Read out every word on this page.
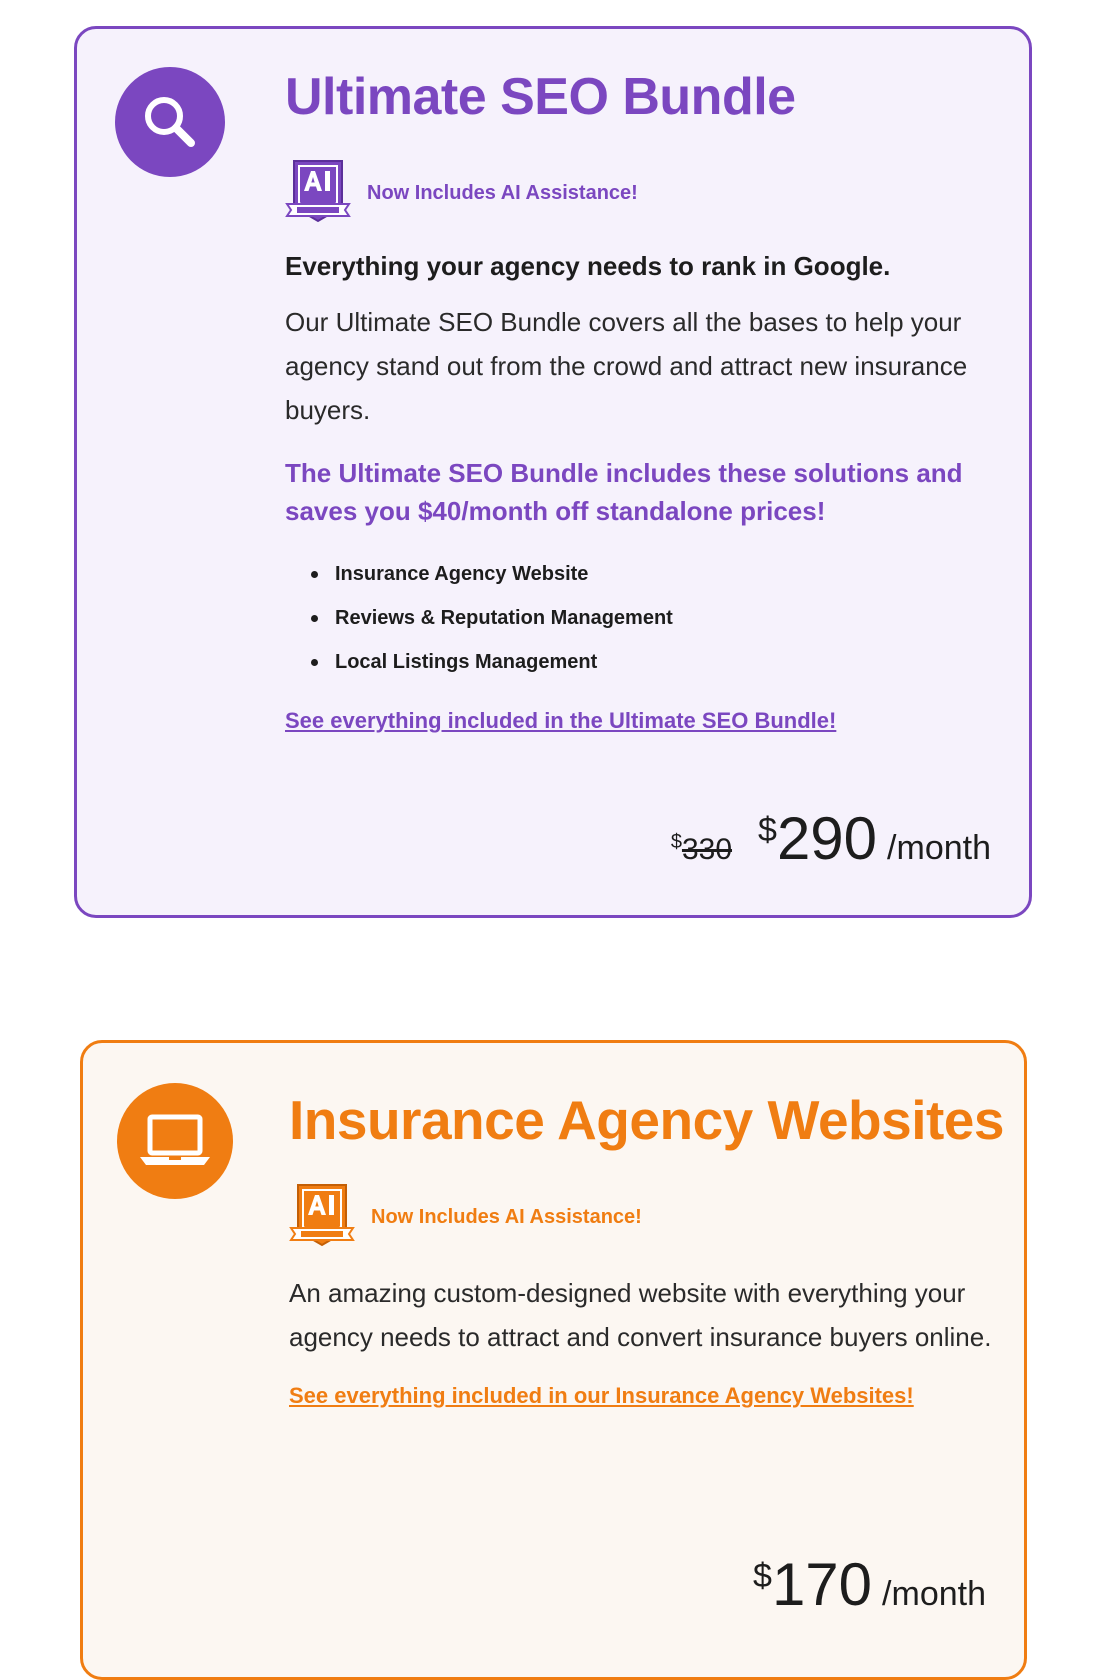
Ultimate SEO Bundle
Now Includes AI Assistance!

Everything your agency needs to rank in Google.

Our Ultimate SEO Bundle covers all the bases to help your agency stand out from the crowd and attract new insurance buyers.

The Ultimate SEO Bundle includes these solutions and saves you $40/month off standalone prices!

Insurance Agency Website
Reviews & Reputation Management
Local Listings Management
See everything included in the Ultimate SEO Bundle!
$330
$ 290 /month
Insurance Agency Websites
Now Includes AI Assistance!

An amazing custom-designed website with everything your agency needs to attract and convert insurance buyers online.

See everything included in our Insurance Agency Websites!
$ 170 /month
